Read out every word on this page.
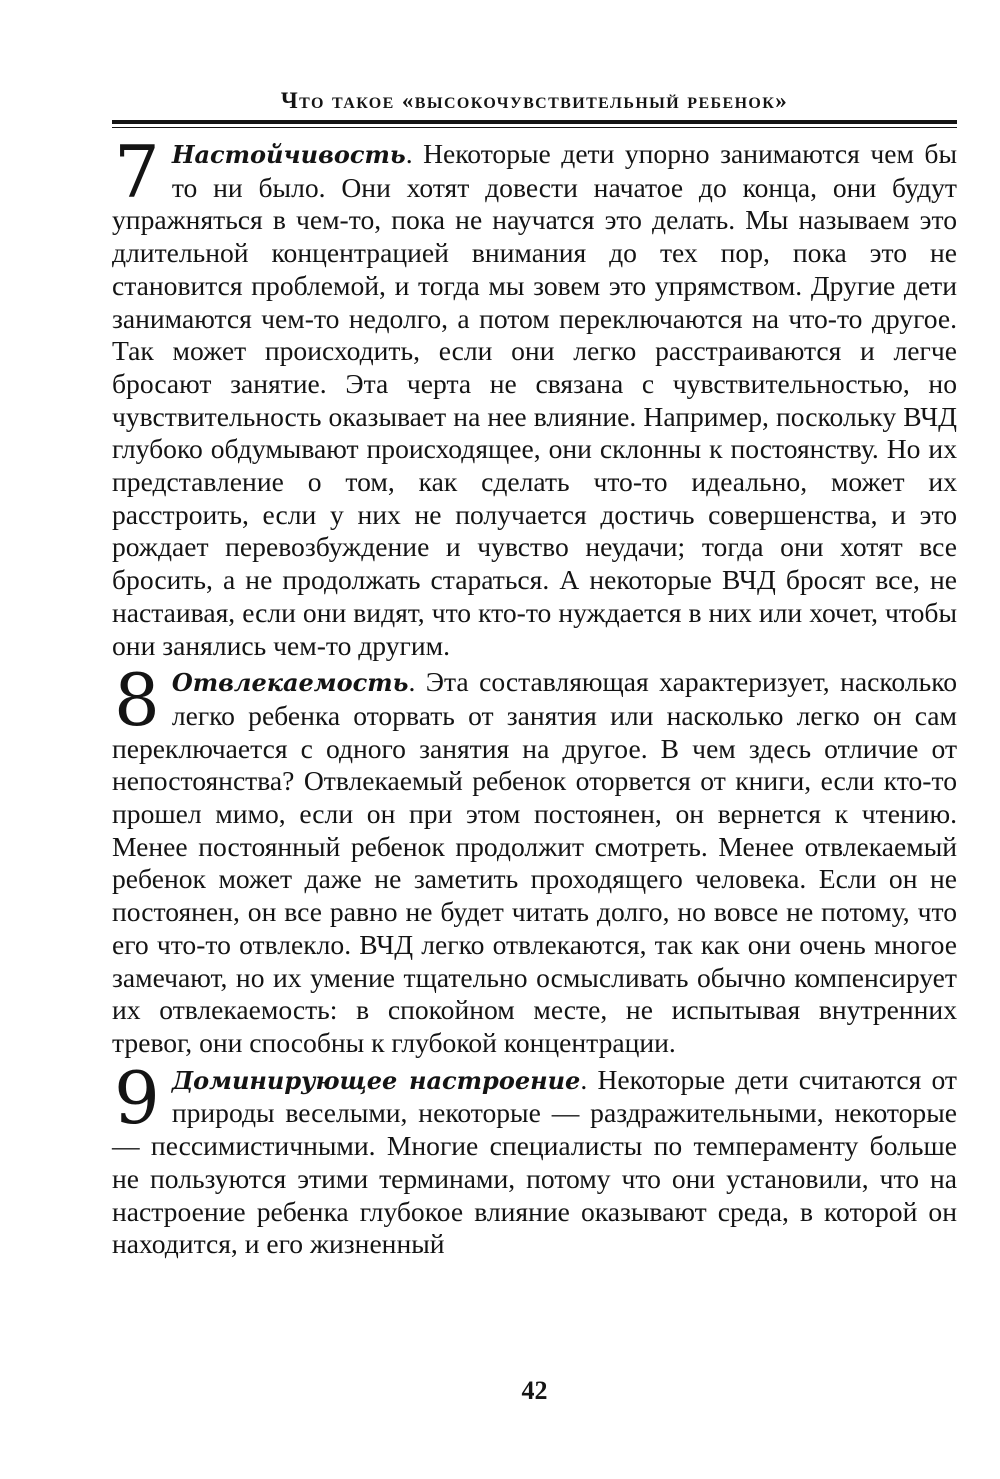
Что такое «высокочувствительный ребенок»

7 Настойчивость. Некоторые дети упорно занимаются чем бы то ни было. Они хотят довести начатое до конца, они будут упражняться в чем-то, пока не научатся это делать. Мы называем это длительной концентрацией внимания до тех пор, пока это не становится проблемой, и тогда мы зовем это упрямством. Другие дети занимаются чем-то недолго, а потом переключаются на что-то другое. Так может происходить, если они легко расстраиваются и легче бросают занятие. Эта черта не связана с чувствительностью, но чувствительность оказывает на нее влияние. Например, поскольку ВЧД глубоко обдумывают происходящее, они склонны к постоянству. Но их представление о том, как сделать что-то идеально, может их расстроить, если у них не получается достичь совершенства, и это рождает перевозбуждение и чувство неудачи; тогда они хотят все бросить, а не продолжать стараться. А некоторые ВЧД бросят все, не настаивая, если они видят, что кто-то нуждается в них или хочет, чтобы они занялись чем-то другим.

8 Отвлекаемость. Эта составляющая характеризует, насколько легко ребенка оторвать от занятия или насколько легко он сам переключается с одного занятия на другое. В чем здесь отличие от непостоянства? Отвлекаемый ребенок оторвется от книги, если кто-то прошел мимо, если он при этом постоянен, он вернется к чтению. Менее постоянный ребенок продолжит смотреть. Менее отвлекаемый ребенок может даже не заметить проходящего человека. Если он не постоянен, он все равно не будет читать долго, но вовсе не потому, что его что-то отвлекло. ВЧД легко отвлекаются, так как они очень многое замечают, но их умение тщательно осмысливать обычно компенсирует их отвлекаемость: в спокойном месте, не испытывая внутренних тревог, они способны к глубокой концентрации.

9 Доминирующее настроение. Некоторые дети считаются от природы веселыми, некоторые — раздражительными, некоторые — пессимистичными. Многие специалисты по темпераменту больше не пользуются этими терминами, потому что они установили, что на настроение ребенка глубокое влияние оказывают среда, в которой он находится, и его жизненный

42
